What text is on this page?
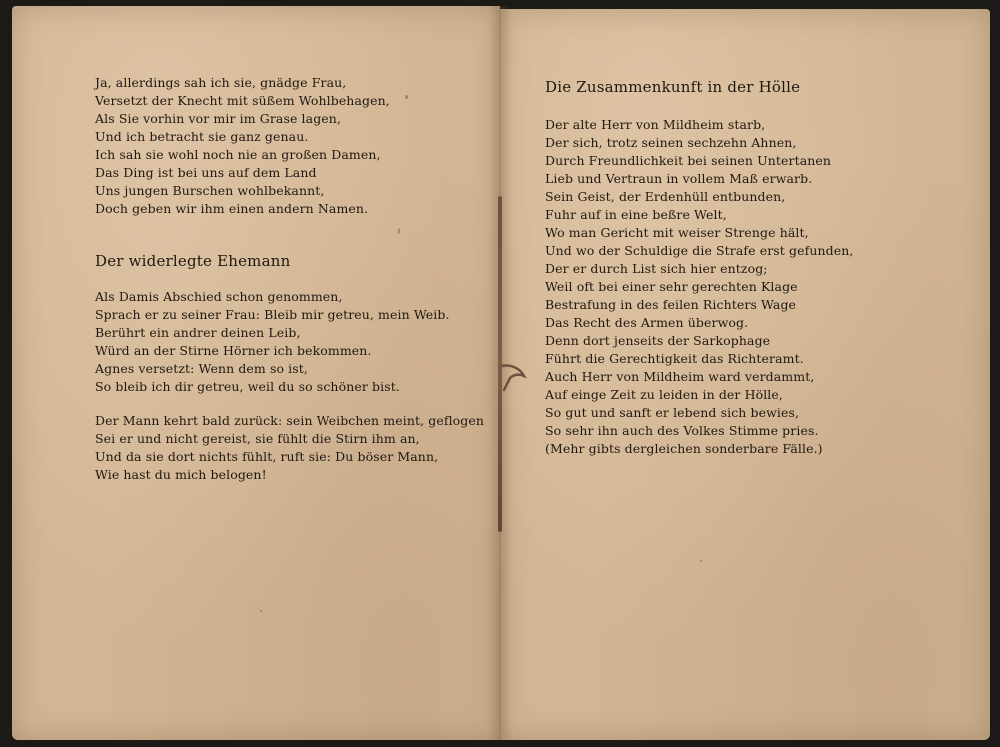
Ja, allerdings sah ich sie, gnädge Frau,
Versetzt der Knecht mit süßem Wohlbehagen,
Als Sie vorhin vor mir im Grase lagen,
Und ich betracht sie ganz genau.
Ich sah sie wohl noch nie an großen Damen,
Das Ding ist bei uns auf dem Land
Uns jungen Burschen wohlbekannt,
Doch geben wir ihm einen andern Namen.
Der widerlegte Ehemann
Als Damis Abschied schon genommen,
Sprach er zu seiner Frau: Bleib mir getreu, mein Weib.
Berührt ein andrer deinen Leib,
Würd an der Stirne Hörner ich bekommen.
Agnes versetzt: Wenn dem so ist,
So bleib ich dir getreu, weil du so schöner bist.
Der Mann kehrt bald zurück: sein Weibchen meint, geflogen
Sei er und nicht gereist, sie fühlt die Stirn ihm an,
Und da sie dort nichts fühlt, ruft sie: Du böser Mann,
Wie hast du mich belogen!
Die Zusammenkunft in der Hölle
Der alte Herr von Mildheim starb,
Der sich, trotz seinen sechzehn Ahnen,
Durch Freundlichkeit bei seinen Untertanen
Lieb und Vertraun in vollem Maß erwarb.
Sein Geist, der Erdenhüll entbunden,
Fuhr auf in eine beßre Welt,
Wo man Gericht mit weiser Strenge hält,
Und wo der Schuldige die Strafe erst gefunden,
Der er durch List sich hier entzog;
Weil oft bei einer sehr gerechten Klage
Bestrafung in des feilen Richters Wage
Das Recht des Armen überwog.
Denn dort jenseits der Sarkophage
Führt die Gerechtigkeit das Richteramt.
Auch Herr von Mildheim ward verdammt,
Auf einge Zeit zu leiden in der Hölle,
So gut und sanft er lebend sich bewies,
So sehr ihn auch des Volkes Stimme pries.
(Mehr gibts dergleichen sonderbare Fälle.)
